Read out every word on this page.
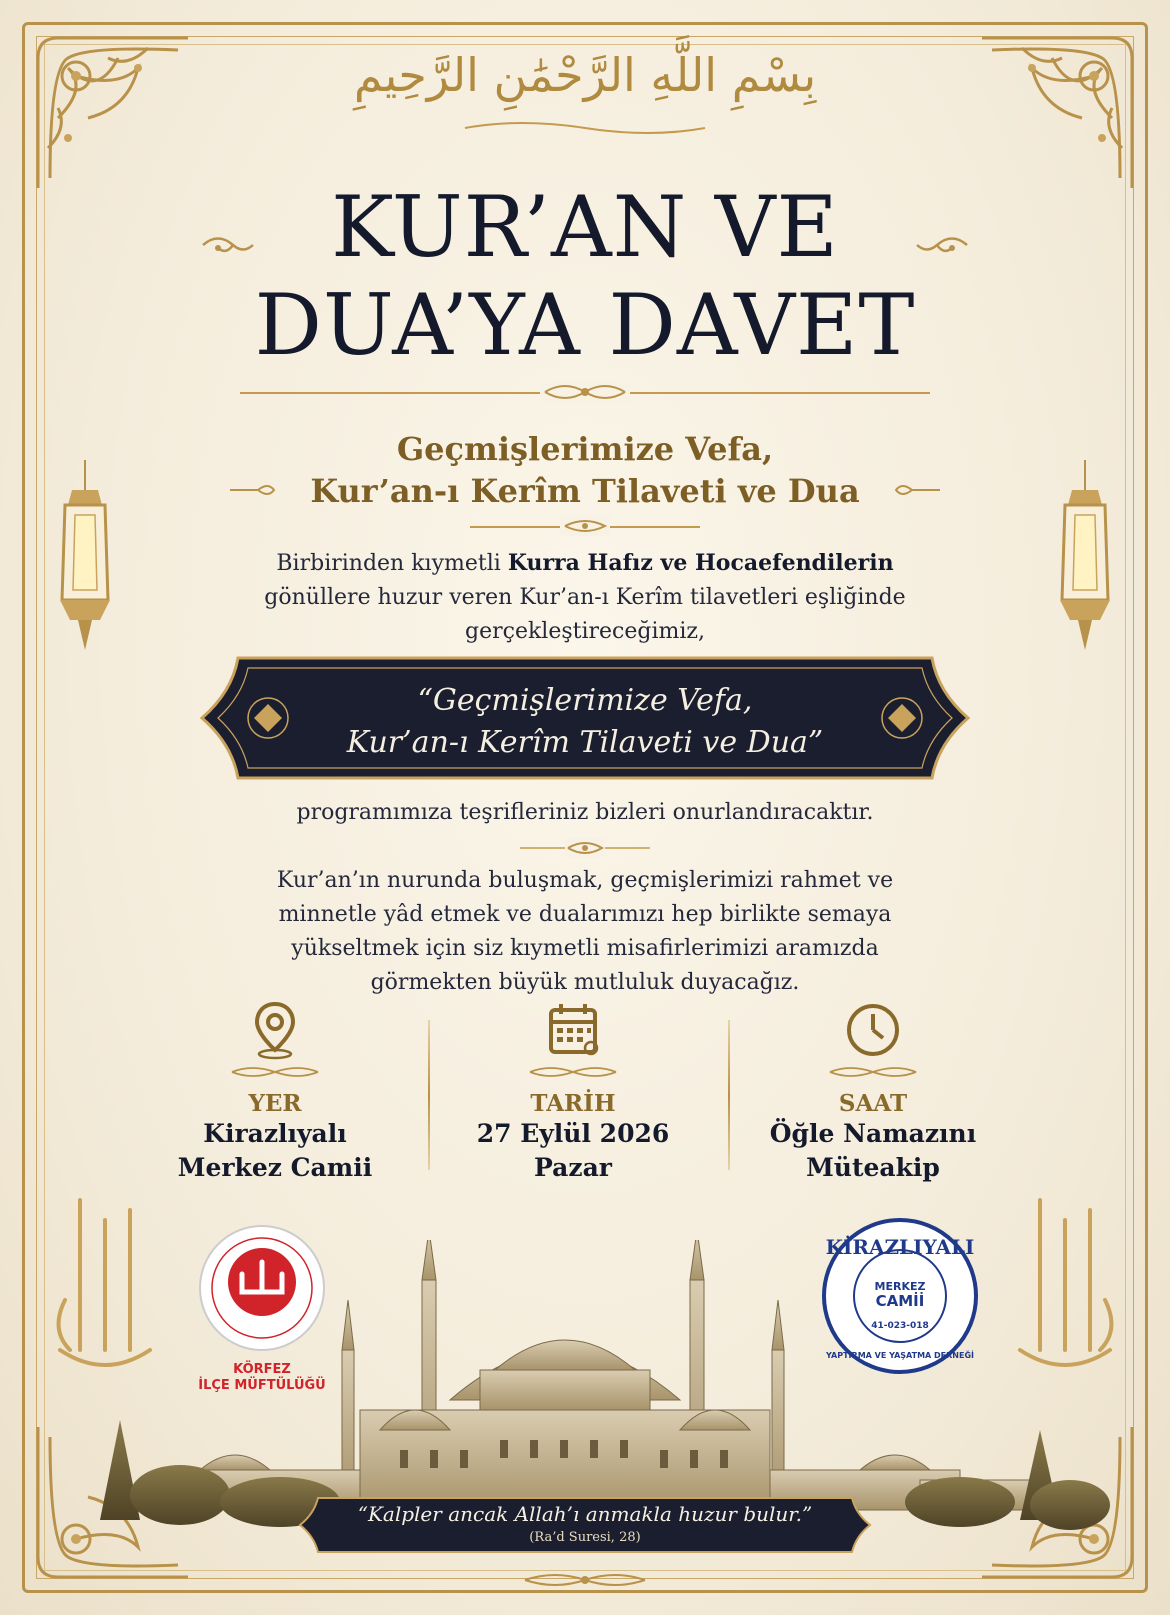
بِسْمِ اللَّهِ الرَّحْمَٰنِ الرَّحِيمِ
KUR’AN VE
DUA’YA DAVET
Geçmişlerimize Vefa,
Kur’an-ı Kerîm Tilaveti ve Dua
Birbirinden kıymetli Kurra Hafız ve Hocaefendilerin
gönüllere huzur veren Kur’an-ı Kerîm tilavetleri eşliğinde
gerçekleştireceğimiz,
“Geçmişlerimize Vefa,
Kur’an-ı Kerîm Tilaveti ve Dua”
programımıza teşrifleriniz bizleri onurlandıracaktır.
Kur’an’ın nurunda buluşmak, geçmişlerimizi rahmet ve
minnetle yâd etmek ve dualarımızı hep birlikte semaya
yükseltmek için siz kıymetli misafirlerimizi aramızda
görmekten büyük mutluluk duyacağız.
YER
Kirazlıyalı
Merkez Camii
TARİH
27 Eylül 2026
Pazar
SAAT
Öğle Namazını
Müteakip
KÖRFEZ
İLÇE MÜFTÜLÜĞÜ
KİRAZLIYALI
MERKEZ
CAMİİ
41-023-018
YAPTIRMA VE YAŞATMA DERNEĞİ
“Kalpler ancak Allah’ı anmakla huzur bulur.”
(Ra’d Suresi, 28)
